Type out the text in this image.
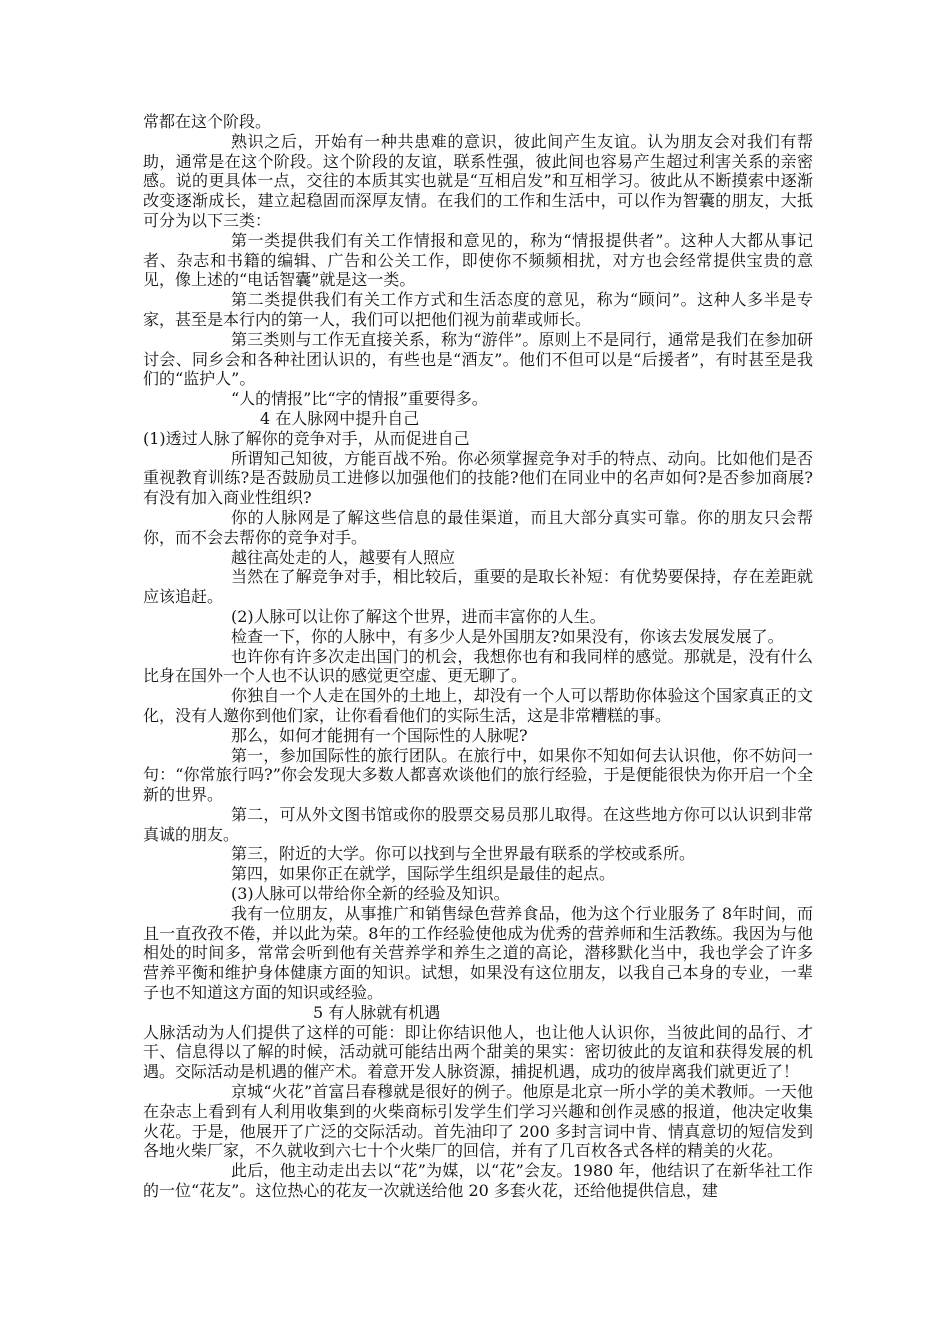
常都在这个阶段。

熟识之后，开始有一种共患难的意识，彼此间产生友谊。认为朋友会对我们有帮助，通常是在这个阶段。这个阶段的友谊，联系性强，彼此间也容易产生超过利害关系的亲密感。说的更具体一点，交往的本质其实也就是“互相启发”和互相学习。彼此从不断摸索中逐渐改变逐渐成长，建立起稳固而深厚友情。在我们的工作和生活中，可以作为智囊的朋友，大抵可分为以下三类：

第一类提供我们有关工作情报和意见的，称为“情报提供者”。这种人大都从事记者、杂志和书籍的编辑、广告和公关工作，即使你不频频相扰，对方也会经常提供宝贵的意见，像上述的“电话智囊”就是这一类。

第二类提供我们有关工作方式和生活态度的意见，称为“顾问”。这种人多半是专家，甚至是本行内的第一人，我们可以把他们视为前辈或师长。

第三类则与工作无直接关系，称为“游伴”。原则上不是同行，通常是我们在参加研讨会、同乡会和各种社团认识的，有些也是“酒友”。他们不但可以是“后援者”，有时甚至是我们的“监护人”。

“人的情报”比“字的情报”重要得多。

4 在人脉网中提升自己

(1)透过人脉了解你的竞争对手，从而促进自己

所谓知己知彼，方能百战不殆。你必须掌握竞争对手的特点、动向。比如他们是否重视教育训练?是否鼓励员工进修以加强他们的技能?他们在同业中的名声如何?是否参加商展?有没有加入商业性组织?

你的人脉网是了解这些信息的最佳渠道，而且大部分真实可靠。你的朋友只会帮你，而不会去帮你的竞争对手。

越往高处走的人，越要有人照应

当然在了解竞争对手，相比较后，重要的是取长补短：有优势要保持，存在差距就应该追赶。

(2)人脉可以让你了解这个世界，进而丰富你的人生。

检查一下，你的人脉中，有多少人是外国朋友?如果没有，你该去发展发展了。

也许你有许多次走出国门的机会，我想你也有和我同样的感觉。那就是，没有什么比身在国外一个人也不认识的感觉更空虚、更无聊了。

你独自一个人走在国外的土地上，却没有一个人可以帮助你体验这个国家真正的文化，没有人邀你到他们家，让你看看他们的实际生活，这是非常糟糕的事。

那么，如何才能拥有一个国际性的人脉呢?

第一，参加国际性的旅行团队。在旅行中，如果你不知如何去认识他，你不妨问一句：“你常旅行吗?”你会发现大多数人都喜欢谈他们的旅行经验，于是便能很快为你开启一个全新的世界。

第二，可从外文图书馆或你的股票交易员那儿取得。在这些地方你可以认识到非常真诚的朋友。

第三，附近的大学。你可以找到与全世界最有联系的学校或系所。

第四，如果你正在就学，国际学生组织是最佳的起点。

(3)人脉可以带给你全新的经验及知识。

我有一位朋友，从事推广和销售绿色营养食品，他为这个行业服务了 8年时间，而且一直孜孜不倦，并以此为荣。8年的工作经验使他成为优秀的营养师和生活教练。我因为与他相处的时间多，常常会听到他有关营养学和养生之道的高论，潜移默化当中，我也学会了许多营养平衡和维护身体健康方面的知识。试想，如果没有这位朋友，以我自己本身的专业，一辈子也不知道这方面的知识或经验。

5 有人脉就有机遇

人脉活动为人们提供了这样的可能：即让你结识他人，也让他人认识你，当彼此间的品行、才干、信息得以了解的时候，活动就可能结出两个甜美的果实：密切彼此的友谊和获得发展的机遇。交际活动是机遇的催产术。着意开发人脉资源，捕捉机遇，成功的彼岸离我们就更近了！

京城“火花”首富吕春穆就是很好的例子。他原是北京一所小学的美术教师。一天他在杂志上看到有人利用收集到的火柴商标引发学生们学习兴趣和创作灵感的报道，他决定收集火花。于是，他展开了广泛的交际活动。首先油印了 200 多封言词中肯、情真意切的短信发到各地火柴厂家，不久就收到六七十个火柴厂的回信，并有了几百枚各式各样的精美的火花。

此后，他主动走出去以“花”为媒，以“花”会友。1980 年，他结识了在新华社工作的一位“花友”。这位热心的花友一次就送给他 20 多套火花，还给他提供信息，建
